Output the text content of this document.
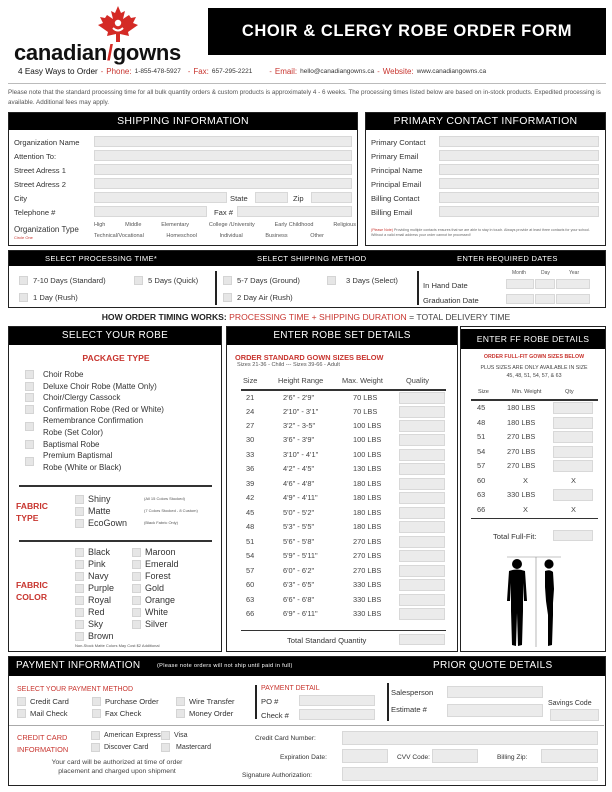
canadian/gowns
CHOIR & CLERGY ROBE ORDER FORM
4 Easy Ways to Order - Phone: 1-855-478-5927 - Fax: 657-295-2221 - Email: hello@canadiangowns.ca - Website: www.canadiangowns.ca
Please note that the standard processing time for all bulk quantity orders & custom products is approximately 4 - 6 weeks. The processing times listed below are based on in-stock products. Expedited processing is available. Additional fees may apply.
SHIPPING INFORMATION
Organization Name
Attention To:
Street Adress 1
Street Adress 2
City	State	Zip
Telephone #	Fax #
Organization Type
Circle One
High	Middle	Elementary	College /University	Early Childhood	Religious
Technical/Vocational	Homeschool	Individual	Business	Other
PRIMARY CONTACT INFORMATION
Primary Contact
Primary Email
Principal Name
Principal Email
Billing Contact
Billing Email
(Please Note) Providing multiple contacts ensures that we are able to stay in touch. Always provide at least three contacts for your school. Without a valid email address your order cannot be processed!
SELECT PROCESSING TIME*	SELECT SHIPPING METHOD	ENTER REQUIRED DATES
7-10 Days (Standard)	5 Days (Quick)
1 Day (Rush)
5-7 Days (Ground)	3 Days (Select)
2 Day Air (Rush)
Month	Day	Year
In Hand Date
Graduation Date
HOW ORDER TIMING WORKS: PROCESSING TIME + SHIPPING DURATION = TOTAL DELIVERY TIME
SELECT YOUR ROBE
PACKAGE TYPE
Choir Robe
Deluxe Choir Robe (Matte Only)
Choir/Clergy Cassock
Confirmation Robe (Red or White)
Remembrance Confirmation
Robe (Set Color)
Baptismal Robe
Premium Baptismal
Robe (White or Black)
FABRIC
TYPE
Shiny	(All 15 Colors Stocked)
Matte	(7 Colors Stocked - 8 Custom)
EcoGown	(Black Fabric Only)
FABRIC
COLOR
Black
Pink
Navy
Purple
Royal
Red
Sky
Brown
Maroon
Emerald
Forest
Gold
Orange
White
Silver
Non-Stock Matte Colors May Cost $2 Additional
ENTER ROBE SET DETAILS
ORDER STANDARD GOWN SIZES BELOW
Sizes 21-36 - Child --- Sizes 39-66 - Adult
Size	Height Range	Max. Weight	Quality
21	2'6" - 2'9"	70 LBS
24	2'10" - 3'1"	70 LBS
27	3'2" - 3-5"	100 LBS
30	3'6" - 3'9"	100 LBS
33	3'10" - 4'1"	100 LBS
36	4'2" - 4'5"	130 LBS
39	4'6" - 4'8"	180 LBS
42	4'9" - 4'11"	180 LBS
45	5'0" - 5'2"	180 LBS
48	5'3" - 5'5"	180 LBS
51	5'6" - 5'8"	270 LBS
54	5'9" - 5'11"	270 LBS
57	6'0" - 6'2"	270 LBS
60	6'3" - 6'5"	330 LBS
63	6'6" - 6'8"	330 LBS
66	6'9" - 6'11"	330 LBS
Total Standard Quantity
ENTER FF ROBE DETAILS
ORDER FULL-FIT GOWN SIZES BELOW
PLUS SIZES ARE ONLY AVAILABLE IN SIZE
45, 48, 51, 54, 57, & 63
Size	Min. Weight	Qty
45	180 LBS
48	180 LBS
51	270 LBS
54	270 LBS
57	270 LBS
60	X	X
63	330 LBS
66	X	X
Total Full-Fit:
PAYMENT INFORMATION	(Please note orders will not ship until paid in full)	PRIOR QUOTE DETAILS
SELECT YOUR PAYMENT METHOD
Credit Card	Purchase Order	Wire Transfer
Mail Check	Fax Check	Money Order
PAYMENT DETAIL
PO #
Check #
Salesperson
Savings Code
Estimate #
CREDIT CARD
INFORMATION
American Express Visa
Discover Card	Mastercard
Your card will be authorized at time of order
placement and charged upon shipment
Credit Card Number:
Expiration Date:	CVV Code:	Billing Zip:
Signature Authorization:
